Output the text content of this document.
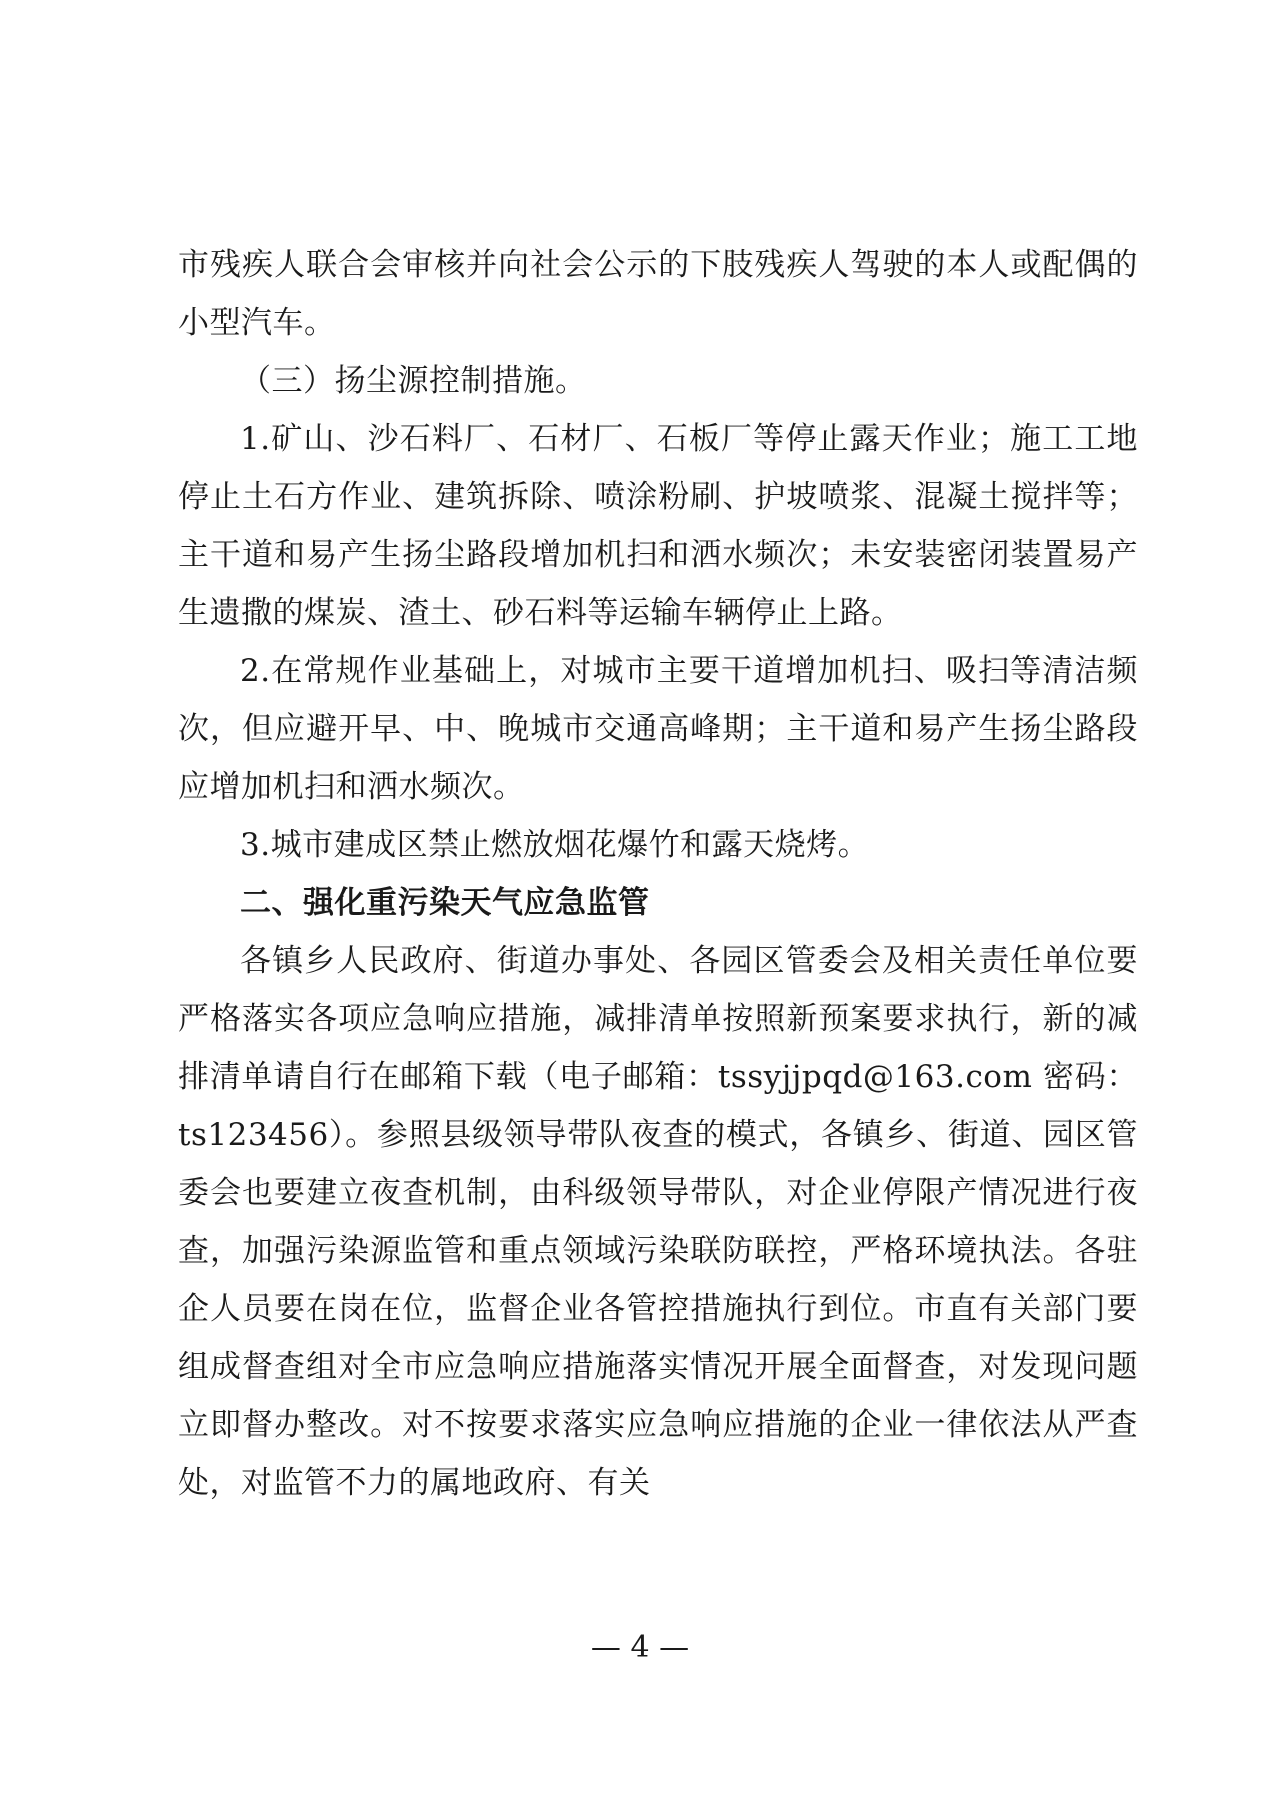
市残疾人联合会审核并向社会公示的下肢残疾人驾驶的本人或配偶的小型汽车。

（三）扬尘源控制措施。

1.矿山、沙石料厂、石材厂、石板厂等停止露天作业；施工工地停止土石方作业、建筑拆除、喷涂粉刷、护坡喷浆、混凝土搅拌等；主干道和易产生扬尘路段增加机扫和洒水频次；未安装密闭装置易产生遗撒的煤炭、渣土、砂石料等运输车辆停止上路。

2.在常规作业基础上，对城市主要干道增加机扫、吸扫等清洁频次，但应避开早、中、晚城市交通高峰期；主干道和易产生扬尘路段应增加机扫和洒水频次。

3.城市建成区禁止燃放烟花爆竹和露天烧烤。

二、强化重污染天气应急监管

各镇乡人民政府、街道办事处、各园区管委会及相关责任单位要严格落实各项应急响应措施，减排清单按照新预案要求执行，新的减排清单请自行在邮箱下载（电子邮箱：tssyjjpqd@163.com 密码：ts123456）。参照县级领导带队夜查的模式，各镇乡、街道、园区管委会也要建立夜查机制，由科级领导带队，对企业停限产情况进行夜查，加强污染源监管和重点领域污染联防联控，严格环境执法。各驻企人员要在岗在位，监督企业各管控措施执行到位。市直有关部门要组成督查组对全市应急响应措施落实情况开展全面督查，对发现问题立即督办整改。对不按要求落实应急响应措施的企业一律依法从严查处，对监管不力的属地政府、有关

— 4 —
